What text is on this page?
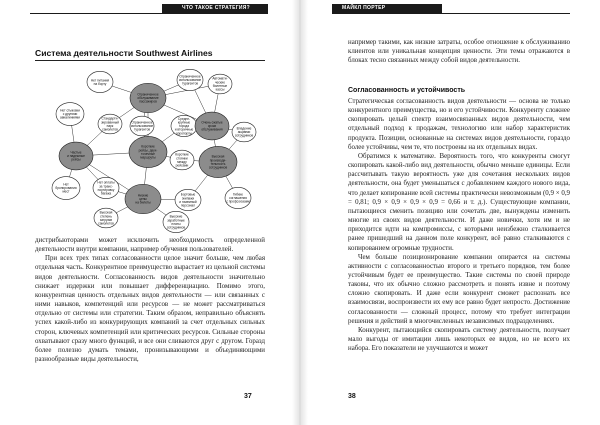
ЧТО ТАКОЕ СТРАТЕГИЯ?
Система деятельности Southwest Airlines
Нет питания
на борту
Нет стыковки
с другими
авиалиниями
Нет
бронирования
мест
Нет оплаты
за транс-
портировку
багажа
Стандарти-
зированный
парк
самолетов
Ограниченное
использование
турагентов
Автомати-
ческие
билетные
кассы
Высокая
степень
загрузки
самолетов
Бортовые
экипажи
и наземный
персонал
Высокие
заработные
платы
сотрудников
Гибкие
соглашения
с профсоюзами
Владение
акциями
сотрудников
Средне-
крупные
города
и вторичные
аэропорты
Короткие
стоянки
между
рейсами
Ограниченное
использование
турагентов
Ограниченное
обслуживание
пассажиров
Частые
и надежные
рейсы
Короткие
рейсы, двух-
точечные
маршруты
Низкие
цены
на билеты
Высокая
производи-
тельность
сотрудников
Очень сжатые
сроки
обслуживания

дистрибьюторами может исключить необходимость определенной деятельности внутри компании, например обучения пользователей.

При всех трех типах согласованности целое значит больше, чем любая отдельная часть. Конкурентное преимущество вырастает из цельной системы видов деятельности. Согласованность видов деятельности значительно снижает издержки или повышает дифференциацию. Помимо этого, конкурентная ценность отдельных видов деятельности — или связанных с ними навыков, компетенций или ресурсов — не может рассматриваться отдельно от системы или стратегии. Таким образом, неправильно объяснять успех какой-либо из конкурирующих компаний за счет отдельных сильных сторон, ключевых компетенций или критических ресурсов. Сильные стороны охватывают сразу много функций, и все они сливаются друг с другом. Горазд более полезно думать темами, пронизывающими и объединяющими разнообразные виды деятельности,

37
МАЙКЛ ПОРТЕР

например такими, как низкие затраты, особое отношение к обслуживанию клиентов или уникальная концепция ценности. Эти темы отражаются в блоках тесно связанных между собой видов деятельности.

Согласованность и устойчивость

Стратегическая согласованность видов деятельности — основа не только конкурентного преимущества, но и его устойчивости. Конкуренту сложнее скопировать целый спектр взаимосвязанных видов деятельности, чем отдельный подход к продажам, технологию или набор характеристик продукта. Позиции, основанные на системах видов деятельности, гораздо более устойчивы, чем те, что построены на их отдельных видах.

Обратимся к математике. Вероятность того, что конкуренты смогут скопировать какой-либо вид деятельности, обычно меньше единицы. Если рассчитывать такую вероятность уже для сочетания нескольких видов деятельности, она будет уменьшаться с добавлением каждого нового вида, что делает копирование всей системы практически невозможным (0,9 × 0,9 = 0,81; 0,9 × 0,9 × 0,9 × 0,9 = 0,66 и т. д.). Существующие компании, пытающиеся сменить позицию или сочетать две, вынуждены изменить многие из своих видов деятельности. И даже новички, хотя им и не приходится идти на компромиссы, с которыми неизбежно сталкивается ранее пришедший на данном поле конкурент, всё равно сталкиваются с копированием огромные трудности.

Чем больше позиционирование компании опирается на системы активности с согласованностью второго и третьего порядков, тем более устойчивым будет ее преимущество. Такие системы по своей природе таковы, что их обычно сложно рассмотреть и понять извне и поэтому сложно скопировать. И даже если конкурент сможет распознать все взаимосвязи, воспроизвести их ему все равно будет непросто. Достижение согласованности — сложный процесс, потому что требует интеграции решения и действий в многочисленных независимых подразделениях.

Конкурент, пытающийся скопировать систему деятельности, получает мало выгоды от имитации лишь некоторых ее видов, но не всего их набора. Его показатели не улучшаются и может

38
